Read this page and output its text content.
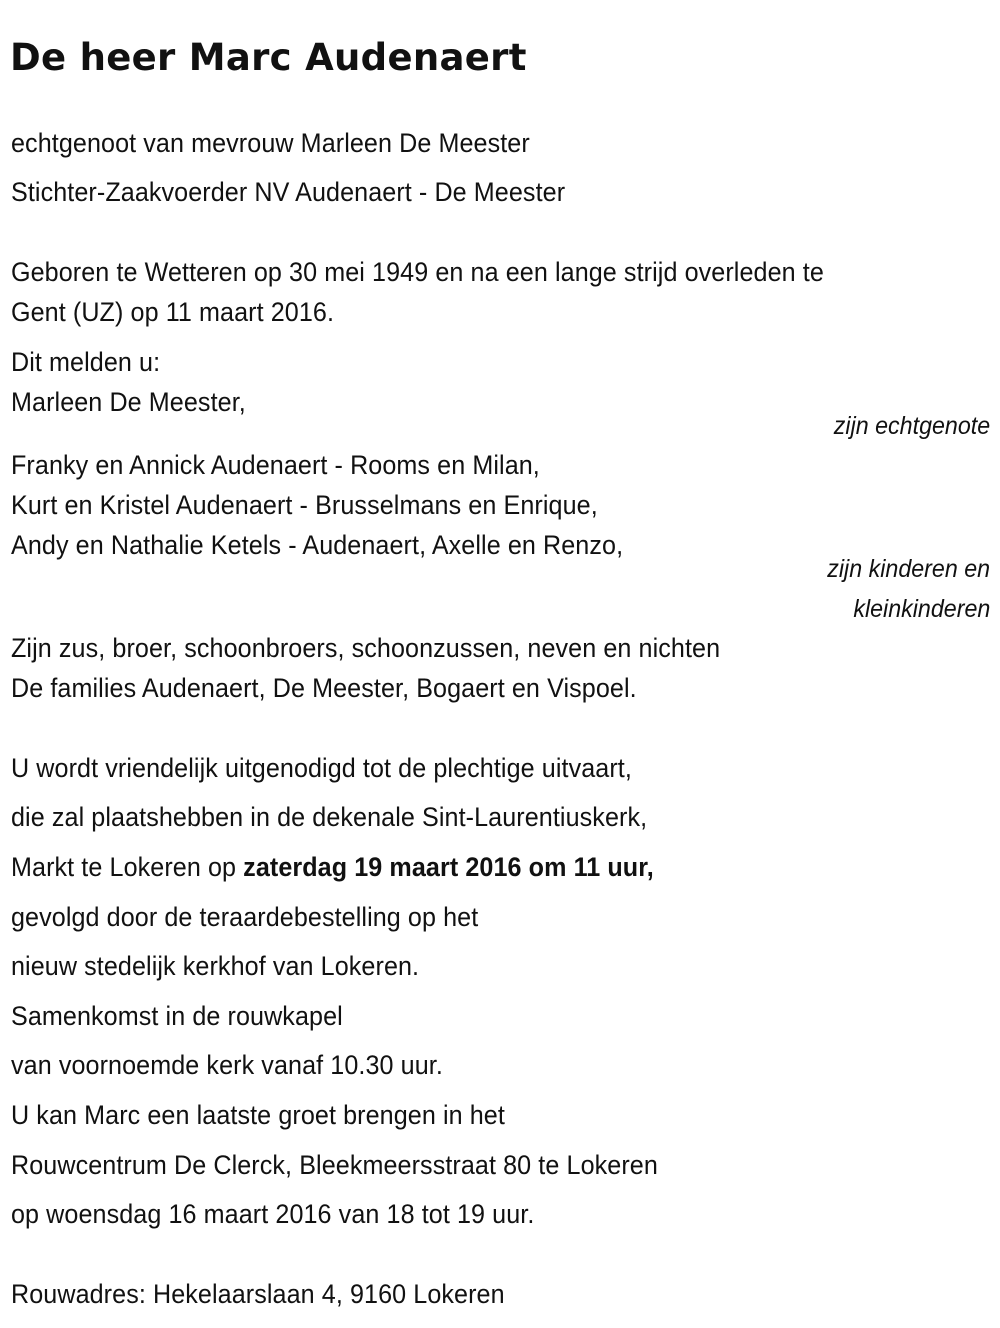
De heer Marc Audenaert
echtgenoot van mevrouw Marleen De Meester
Stichter-Zaakvoerder NV Audenaert - De Meester
Geboren te Wetteren op 30 mei 1949 en na een lange strijd overleden te
Gent (UZ) op 11 maart 2016.
Dit melden u:
Marleen De Meester,
zijn echtgenote
Franky en Annick Audenaert - Rooms en Milan,
Kurt en Kristel Audenaert - Brusselmans en Enrique,
Andy en Nathalie Ketels - Audenaert, Axelle en Renzo,
zijn kinderen en
kleinkinderen
Zijn zus, broer, schoonbroers, schoonzussen, neven en nichten
De families Audenaert, De Meester, Bogaert en Vispoel.
U wordt vriendelijk uitgenodigd tot de plechtige uitvaart,
die zal plaatshebben in de dekenale Sint-Laurentiuskerk,
Markt te Lokeren op zaterdag 19 maart 2016 om 11 uur,
gevolgd door de teraardebestelling op het
nieuw stedelijk kerkhof van Lokeren.
Samenkomst in de rouwkapel
van voornoemde kerk vanaf 10.30 uur.
U kan Marc een laatste groet brengen in het
Rouwcentrum De Clerck, Bleekmeersstraat 80 te Lokeren
op woensdag 16 maart 2016 van 18 tot 19 uur.
Rouwadres: Hekelaarslaan 4, 9160 Lokeren
